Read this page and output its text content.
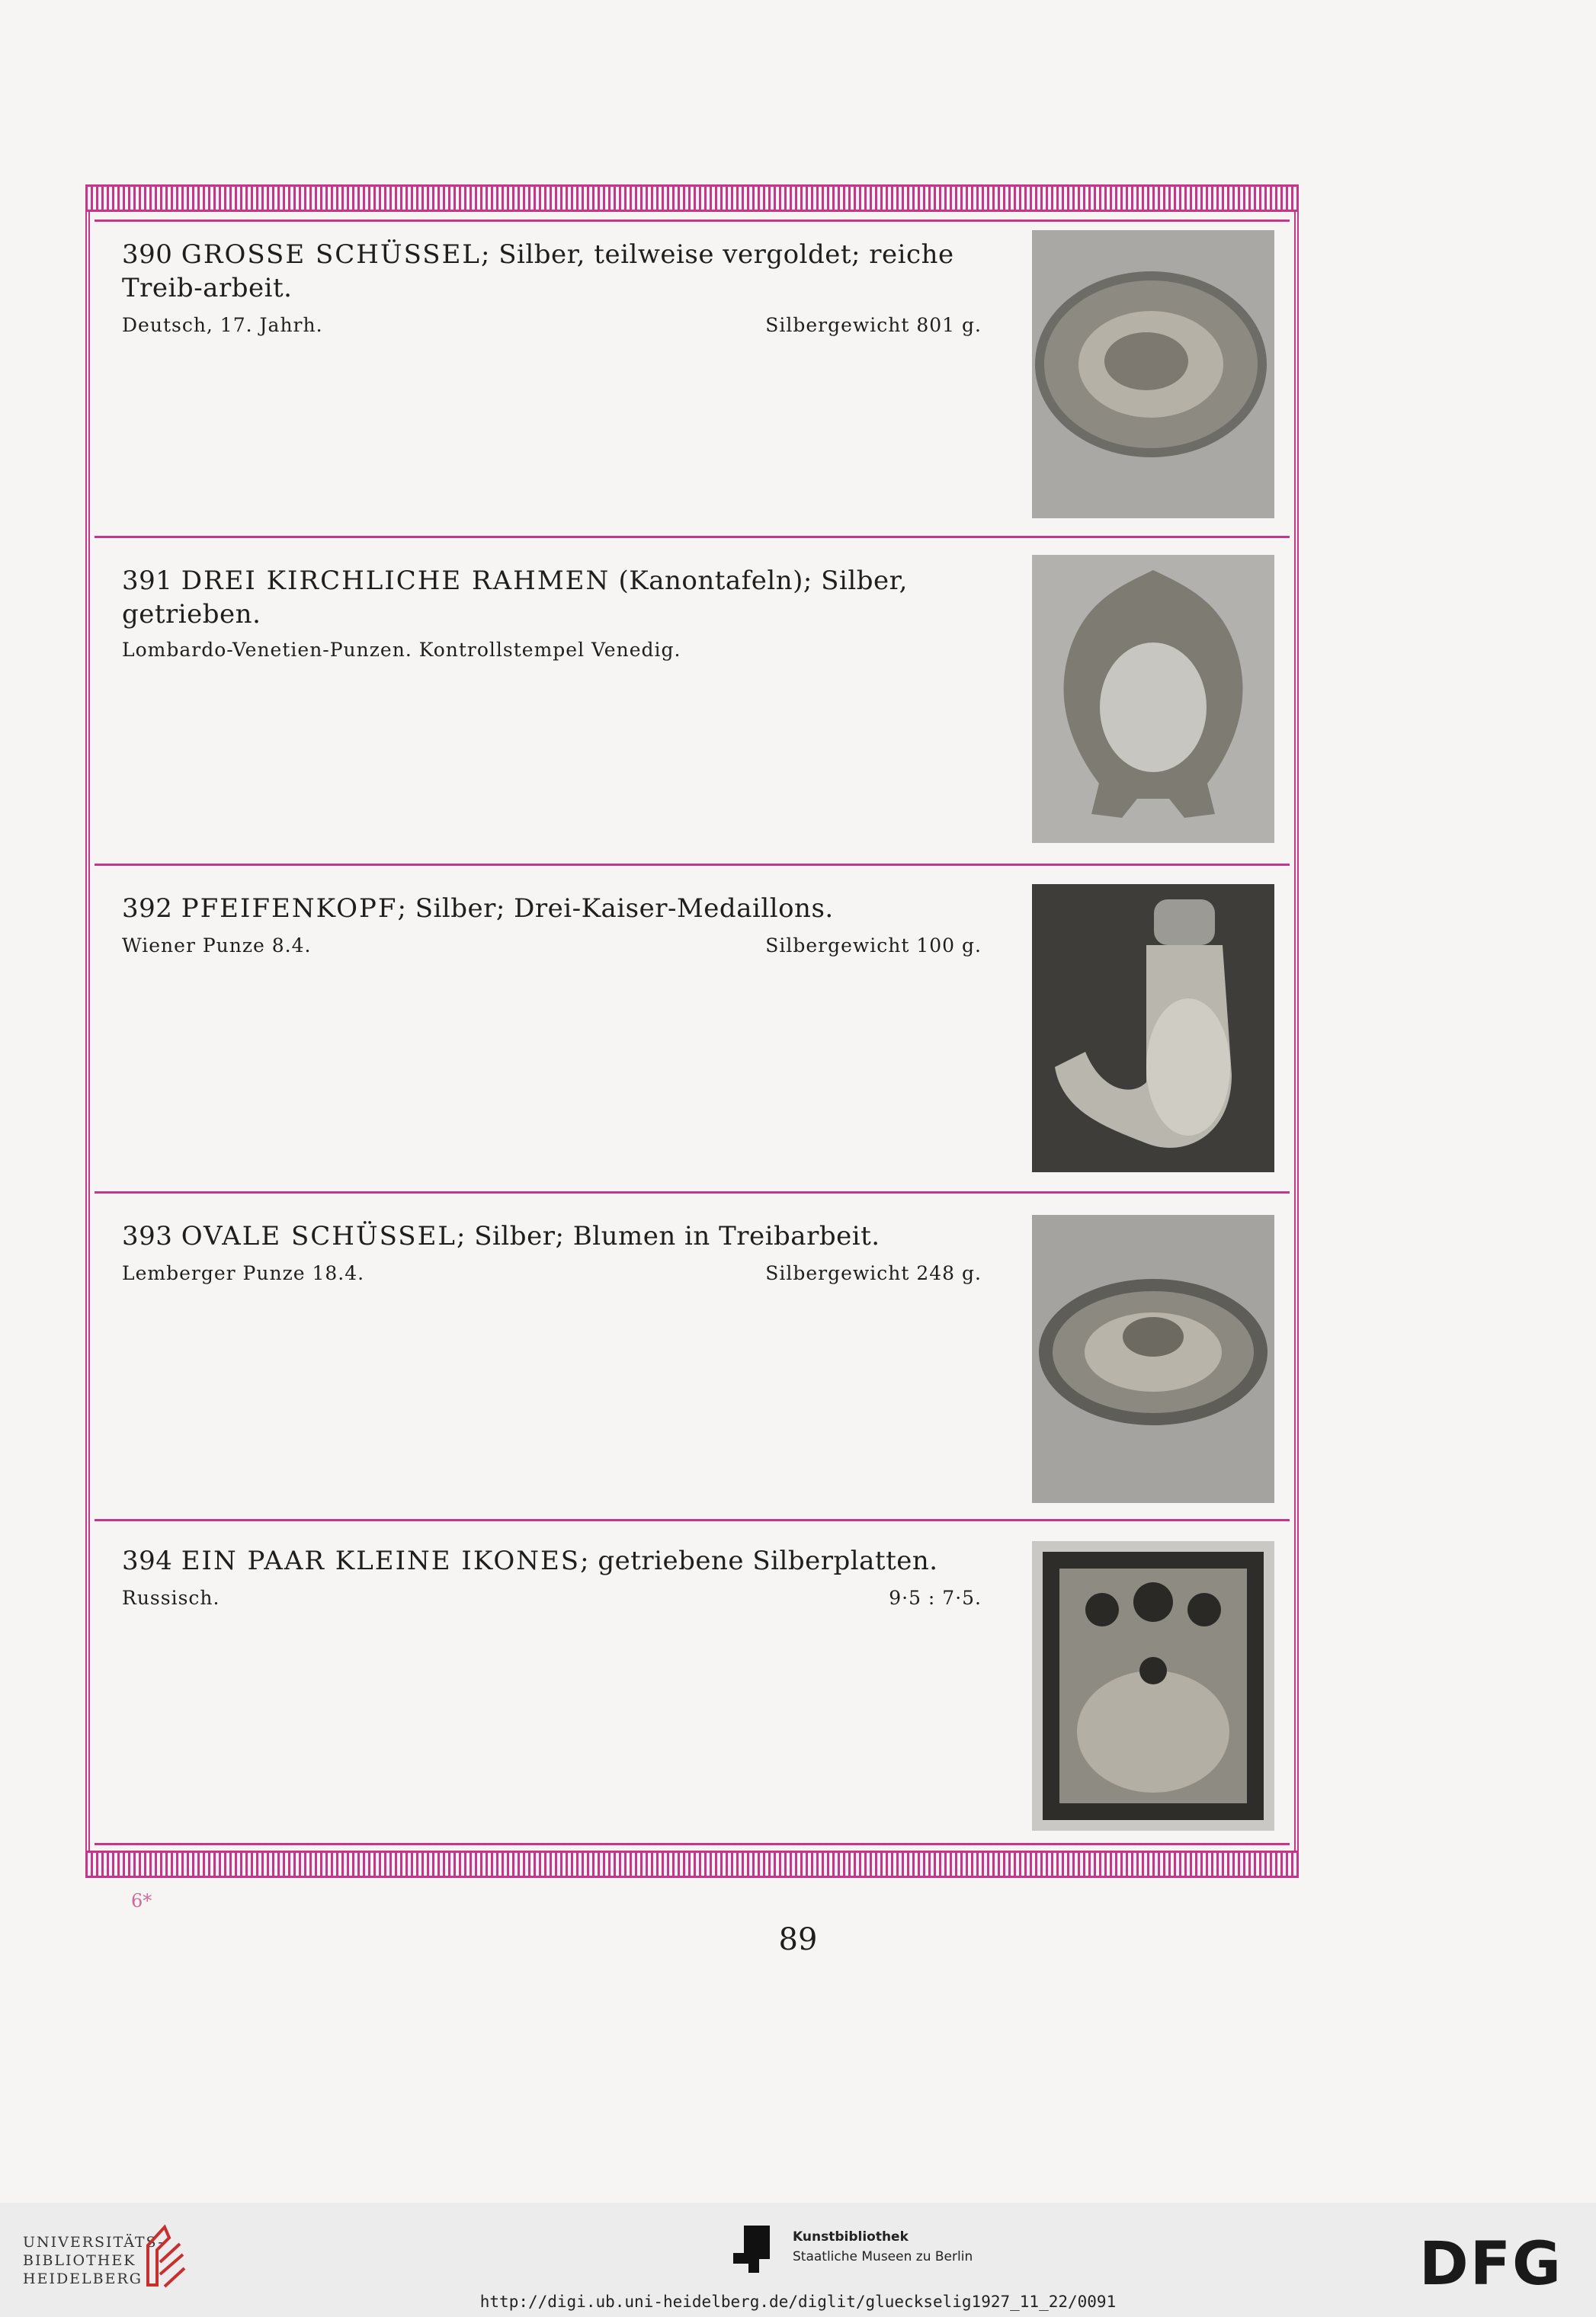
390 GROSSE SCHÜSSEL; Silber, teilweise vergoldet; reiche Treib-arbeit.
Deutsch, 17. Jahrh.	Silbergewicht 801 g.
391 DREI KIRCHLICHE RAHMEN (Kanontafeln); Silber, getrieben.
Lombardo-Venetien-Punzen. Kontrollstempel Venedig.
392 PFEIFENKOPF; Silber; Drei-Kaiser-Medaillons.
Wiener Punze 8.4.	Silbergewicht 100 g.
393 OVALE SCHÜSSEL; Silber; Blumen in Treibarbeit.
Lemberger Punze 18.4.	Silbergewicht 248 g.
394 EIN PAAR KLEINE IKONES; getriebene Silberplatten.
Russisch.	9·5 : 7·5.
6*
89
UNIVERSITÄTS-
BIBLIOTHEK
HEIDELBERG
Kunstbibliothek
Staatliche Museen zu Berlin	DFG
http://digi.ub.uni-heidelberg.de/diglit/glueckselig1927_11_22/0091
